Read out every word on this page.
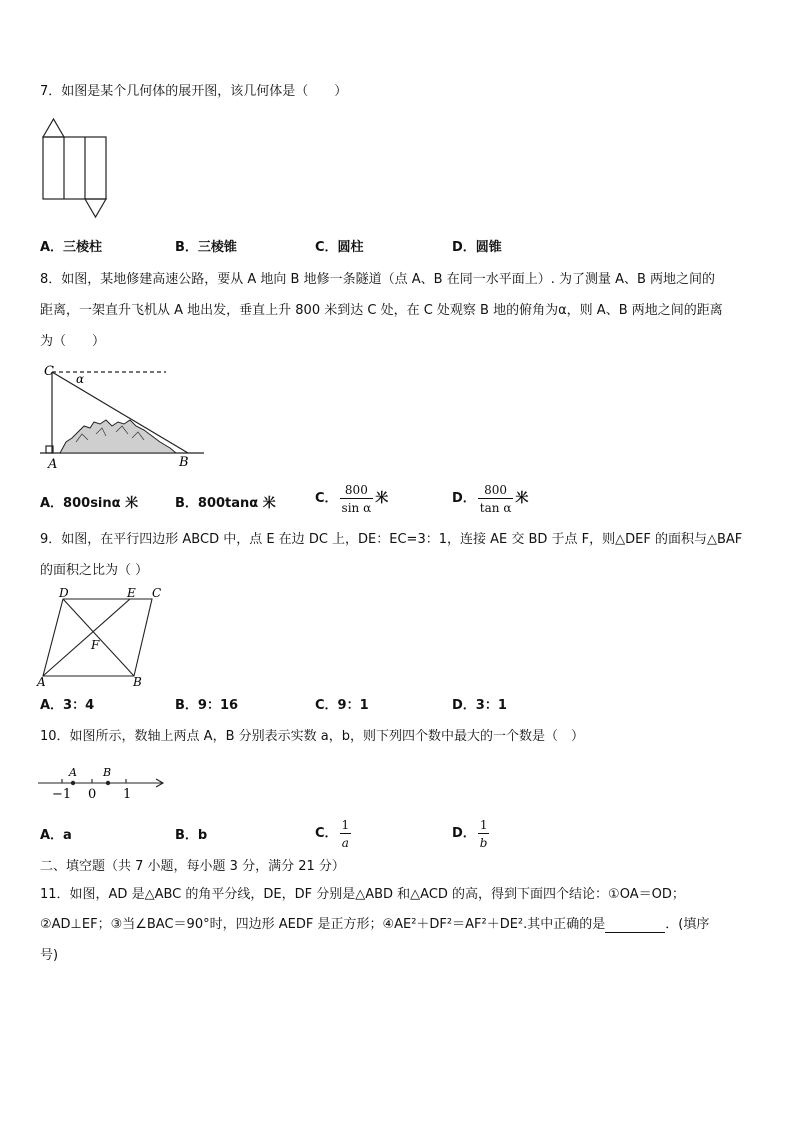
7．如图是某个几何体的展开图，该几何体是（　　）
A．三棱柱	B．三棱锥	C．圆柱	D．圆锥
8．如图，某地修建高速公路，要从 A 地向 B 地修一条隧道（点 A、B 在同一水平面上）. 为了测量 A、B 两地之间的
距离，一架直升飞机从 A 地出发，垂直上升 800 米到达 C 处，在 C 处观察 B 地的俯角为α，则 A、B 两地之间的距离
为（　　）
C α
A	B
A．800sinα 米	B．800tanα 米	C． $\frac{800}{\text{sin α}}$ 米	D． $\frac{800}{\text{tan α}}$ 米
9．如图，在平行四边形 ABCD 中，点 E 在边 DC 上，DE：EC=3：1，连接 AE 交 BD 于点 F，则△DEF 的面积与△BAF
的面积之比为（ ）
D	E C
F
A	B
A．3：4	B．9：16	C．9：1	D．3：1
10．如图所示，数轴上两点 A，B 分别表示实数 a，b，则下列四个数中最大的一个数是（　）
A B
−1 0 1
A．a	B．b	C． $\frac{1}{a}$	D． $\frac{1}{b}$
二、填空题（共 7 小题，每小题 3 分，满分 21 分）
11．如图，AD 是△ABC 的角平分线，DE，DF 分别是△ABD 和△ACD 的高，得到下面四个结论：①OA＝OD；
②AD⊥EF；③当∠BAC＝90°时，四边形 AEDF 是正方形；④AE²＋DF²＝AF²＋DE².其中正确的是	．(填序
号)
